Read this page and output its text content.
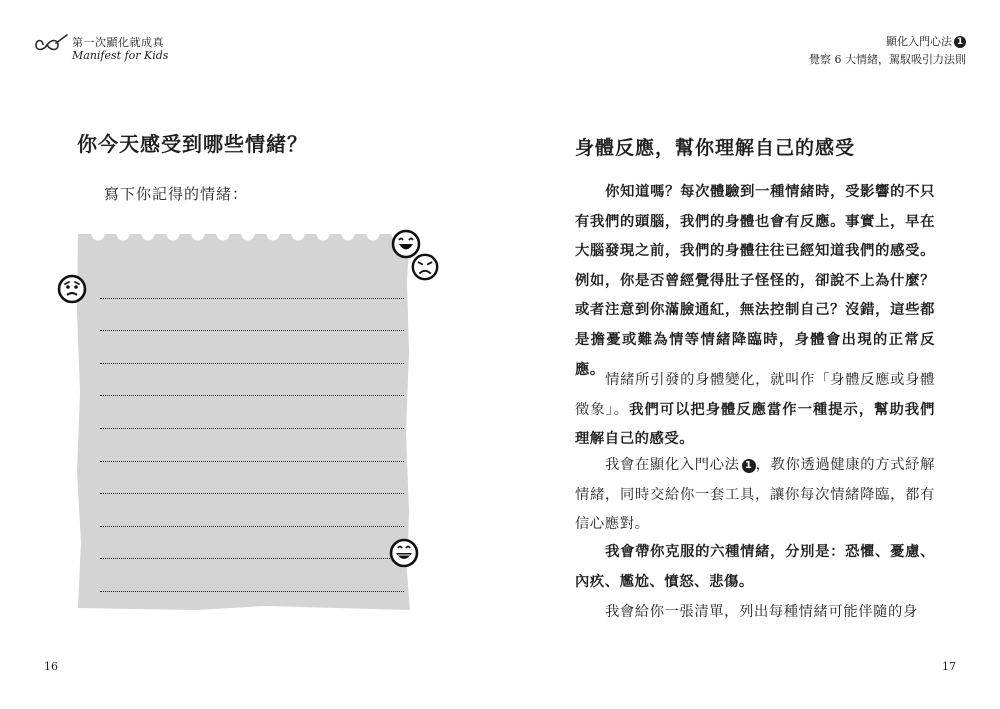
第一次顯化就成真
Manifest for Kids
你今天感受到哪些情緒？
寫下你記得的情緒：
16
顯化入門心法 1
覺察 6 大情緒，駕馭吸引力法則
身體反應，幫你理解自己的感受
你知道嗎？每次體驗到一種情緒時，受影響的不只有我們的頭腦，我們的身體也會有反應。事實上，早在大腦發現之前，我們的身體往往已經知道我們的感受。例如，你是否曾經覺得肚子怪怪的，卻說不上為什麼？或者注意到你滿臉通紅，無法控制自己？沒錯，這些都是擔憂或難為情等情緒降臨時，身體會出現的正常反應。
情緒所引發的身體變化，就叫作「身體反應或身體徵象」。我們可以把身體反應當作一種提示，幫助我們理解自己的感受。
我會在顯化入門心法 1 ，教你透過健康的方式紓解情緒，同時交給你一套工具，讓你每次情緒降臨，都有信心應對。
我會帶你克服的六種情緒，分別是：恐懼、憂慮、內疚、尷尬、憤怒、悲傷。
我會給你一張清單，列出每種情緒可能伴隨的身
17
